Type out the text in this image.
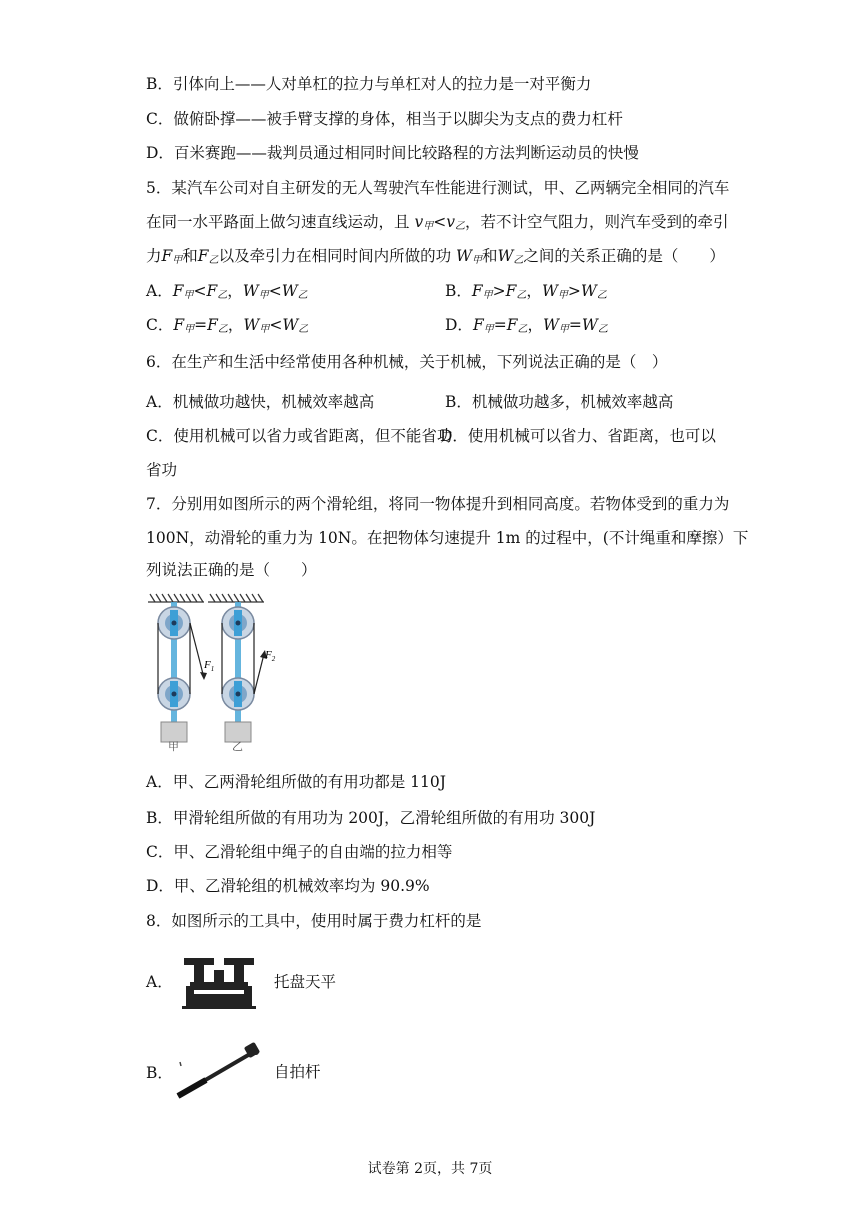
B．引体向上——人对单杠的拉力与单杠对人的拉力是一对平衡力
C．做俯卧撑——被手臂支撑的身体，相当于以脚尖为支点的费力杠杆
D．百米赛跑——裁判员通过相同时间比较路程的方法判断运动员的快慢
5．某汽车公司对自主研发的无人驾驶汽车性能进行测试，甲、乙两辆完全相同的汽车
在同一水平路面上做匀速直线运动，且 $v_甲<v_乙$，若不计空气阻力，则汽车受到的牵引
力$F_甲$和$F_乙$以及牵引力在相同时间内所做的功 $W_甲$和$W_乙$之间的关系正确的是（　　）
A．$F_甲<F_乙$，$W_甲<W_乙$	B．$F_甲>F_乙$，$W_甲>W_乙$
C．$F_甲=F_乙$，$W_甲<W_乙$	D．$F_甲=F_乙$，$W_甲=W_乙$
6．在生产和生活中经常使用各种机械，关于机械，下列说法正确的是（　）
A．机械做功越快，机械效率越高	B．机械做功越多，机械效率越高
C．使用机械可以省力或省距离，但不能省功
D．使用机械可以省力、省距离，也可以
省功
7．分别用如图所示的两个滑轮组，将同一物体提升到相同高度。若物体受到的重力为
100N，动滑轮的重力为 10N。在把物体匀速提升 1m 的过程中，(不计绳重和摩擦）下
列说法正确的是（　　）
$F_1$
$F_2$
甲	乙
A．甲、乙两滑轮组所做的有用功都是 110J
B．甲滑轮组所做的有用功为 200J，乙滑轮组所做的有用功 300J
C．甲、乙滑轮组中绳子的自由端的拉力相等
D．甲、乙滑轮组的机械效率均为 90.9%
8．如图所示的工具中，使用时属于费力杠杆的是
A．	托盘天平
B．	自拍杆
试卷第 2页，共 7页
